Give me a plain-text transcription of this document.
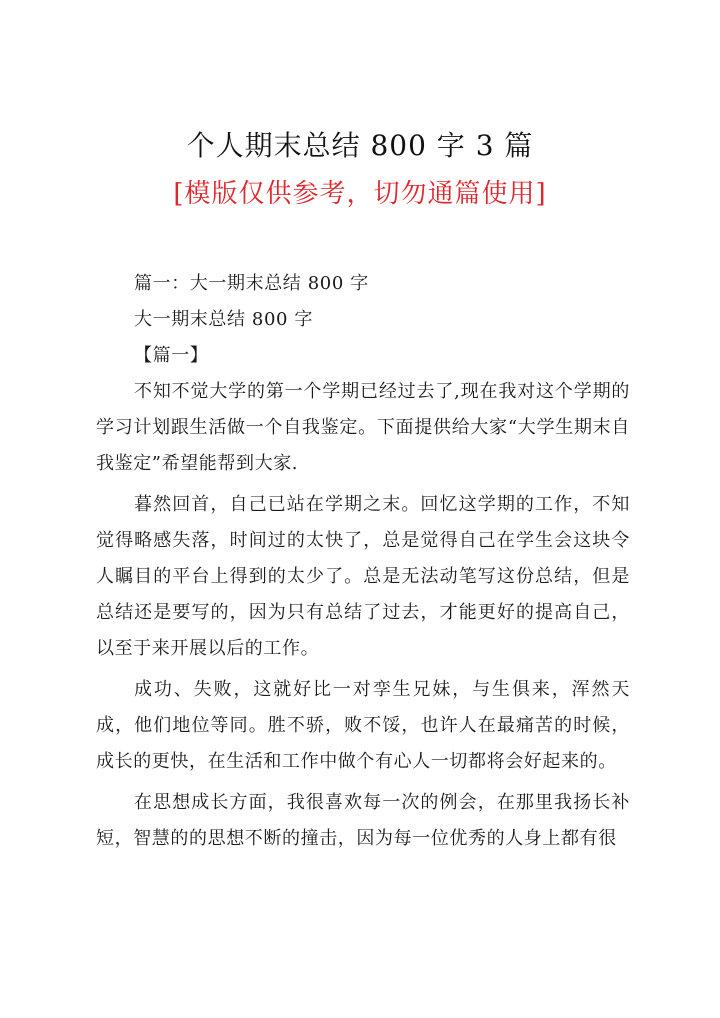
个人期末总结 800 字 3 篇
[模版仅供参考，切勿通篇使用]

篇一：大一期末总结 800 字

大一期末总结 800 字

【篇一】

不知不觉大学的第一个学期已经过去了,现在我对这个学期的学习计划跟生活做一个自我鉴定。下面提供给大家“大学生期末自我鉴定”希望能帮到大家.

暮然回首，自己已站在学期之末。回忆这学期的工作，不知觉得略感失落，时间过的太快了，总是觉得自己在学生会这块令人瞩目的平台上得到的太少了。总是无法动笔写这份总结，但是总结还是要写的，因为只有总结了过去，才能更好的提高自己，以至于来开展以后的工作。

成功、失败，这就好比一对孪生兄妹，与生俱来，浑然天成，他们地位等同。胜不骄，败不馁，也许人在最痛苦的时候，成长的更快，在生活和工作中做个有心人一切都将会好起来的。

在思想成长方面，我很喜欢每一次的例会，在那里我扬长补短，智慧的的思想不断的撞击，因为每一位优秀的人身上都有很
